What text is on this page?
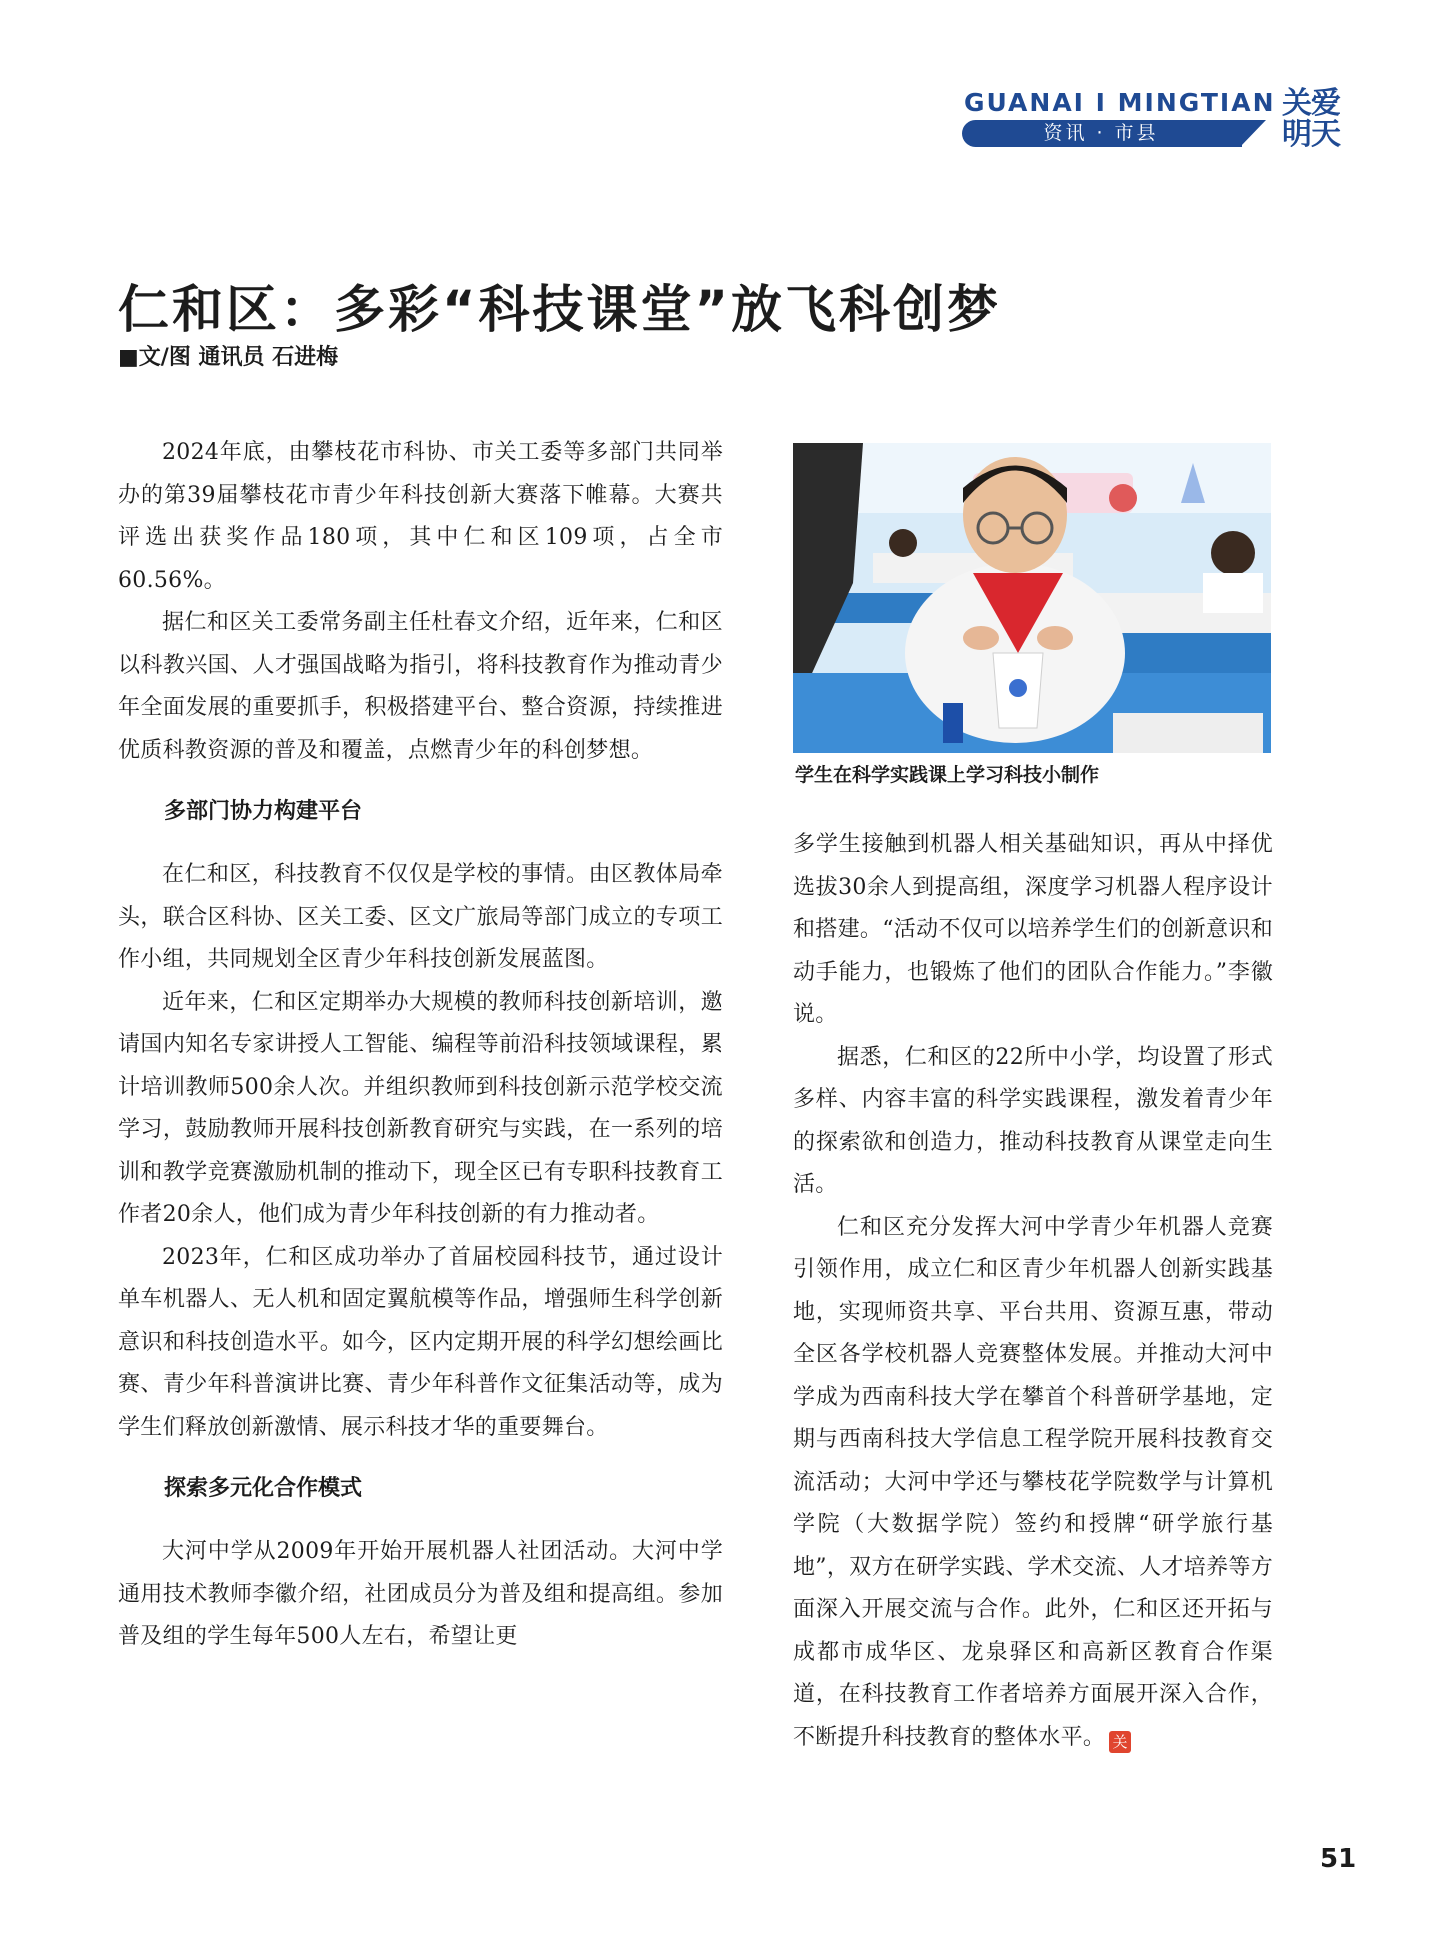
GUANAI I MINGTIAN
资讯 · 市县
关爱
明天
仁和区：多彩“科技课堂”放飞科创梦
■文/图 通讯员 石进梅

2024年底，由攀枝花市科协、市关工委等多部门共同举办的第39届攀枝花市青少年科技创新大赛落下帷幕。大赛共评选出获奖作品180项，其中仁和区109项，占全市60.56%。

据仁和区关工委常务副主任杜春文介绍，近年来，仁和区以科教兴国、人才强国战略为指引，将科技教育作为推动青少年全面发展的重要抓手，积极搭建平台、整合资源，持续推进优质科教资源的普及和覆盖，点燃青少年的科创梦想。

多部门协力构建平台

在仁和区，科技教育不仅仅是学校的事情。由区教体局牵头，联合区科协、区关工委、区文广旅局等部门成立的专项工作小组，共同规划全区青少年科技创新发展蓝图。

近年来，仁和区定期举办大规模的教师科技创新培训，邀请国内知名专家讲授人工智能、编程等前沿科技领域课程，累计培训教师500余人次。并组织教师到科技创新示范学校交流学习，鼓励教师开展科技创新教育研究与实践，在一系列的培训和教学竞赛激励机制的推动下，现全区已有专职科技教育工作者20余人，他们成为青少年科技创新的有力推动者。

2023年，仁和区成功举办了首届校园科技节，通过设计单车机器人、无人机和固定翼航模等作品，增强师生科学创新意识和科技创造水平。如今，区内定期开展的科学幻想绘画比赛、青少年科普演讲比赛、青少年科普作文征集活动等，成为学生们释放创新激情、展示科技才华的重要舞台。

探索多元化合作模式

大河中学从2009年开始开展机器人社团活动。大河中学通用技术教师李徽介绍，社团成员分为普及组和提高组。参加普及组的学生每年500人左右，希望让更

学生在科学实践课上学习科技小制作

多学生接触到机器人相关基础知识，再从中择优选拔30余人到提高组，深度学习机器人程序设计和搭建。“活动不仅可以培养学生们的创新意识和动手能力，也锻炼了他们的团队合作能力。”李徽说。

据悉，仁和区的22所中小学，均设置了形式多样、内容丰富的科学实践课程，激发着青少年的探索欲和创造力，推动科技教育从课堂走向生活。

仁和区充分发挥大河中学青少年机器人竞赛引领作用，成立仁和区青少年机器人创新实践基地，实现师资共享、平台共用、资源互惠，带动全区各学校机器人竞赛整体发展。并推动大河中学成为西南科技大学在攀首个科普研学基地，定期与西南科技大学信息工程学院开展科技教育交流活动；大河中学还与攀枝花学院数学与计算机学院（大数据学院）签约和授牌“研学旅行基地”，双方在研学实践、学术交流、人才培养等方面深入开展交流与合作。此外，仁和区还开拓与成都市成华区、龙泉驿区和高新区教育合作渠道，在科技教育工作者培养方面展开深入合作，不断提升科技教育的整体水平。 关

51
